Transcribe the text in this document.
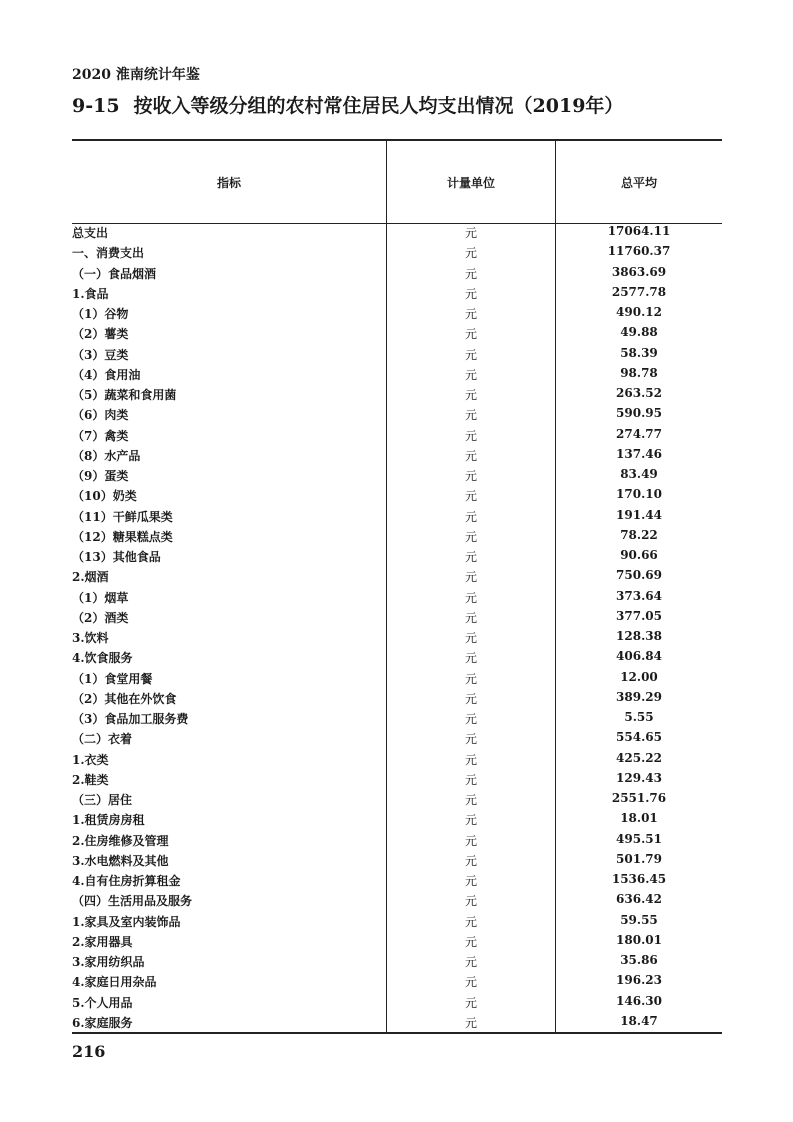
2020 淮南统计年鉴
9-15 按收入等级分组的农村常住居民人均支出情况（2019年）
指标	计量单位	总平均
总支出	元	17064.11
一、消费支出	元	11760.37
（一）食品烟酒	元	3863.69
1.食品	元	2577.78
（1）谷物	元	490.12
（2）薯类	元	49.88
（3）豆类	元	58.39
（4）食用油	元	98.78
（5）蔬菜和食用菌	元	263.52
（6）肉类	元	590.95
（7）禽类	元	274.77
（8）水产品	元	137.46
（9）蛋类	元	83.49
（10）奶类	元	170.10
（11）干鲜瓜果类	元	191.44
（12）糖果糕点类	元	78.22
（13）其他食品	元	90.66
2.烟酒	元	750.69
（1）烟草	元	373.64
（2）酒类	元	377.05
3.饮料	元	128.38
4.饮食服务	元	406.84
（1）食堂用餐	元	12.00
（2）其他在外饮食	元	389.29
（3）食品加工服务费	元	5.55
（二）衣着	元	554.65
1.衣类	元	425.22
2.鞋类	元	129.43
（三）居住	元	2551.76
1.租赁房房租	元	18.01
2.住房维修及管理	元	495.51
3.水电燃料及其他	元	501.79
4.自有住房折算租金	元	1536.45
（四）生活用品及服务	元	636.42
1.家具及室内装饰品	元	59.55
2.家用器具	元	180.01
3.家用纺织品	元	35.86
4.家庭日用杂品	元	196.23
5.个人用品	元	146.30
6.家庭服务	元	18.47
216
